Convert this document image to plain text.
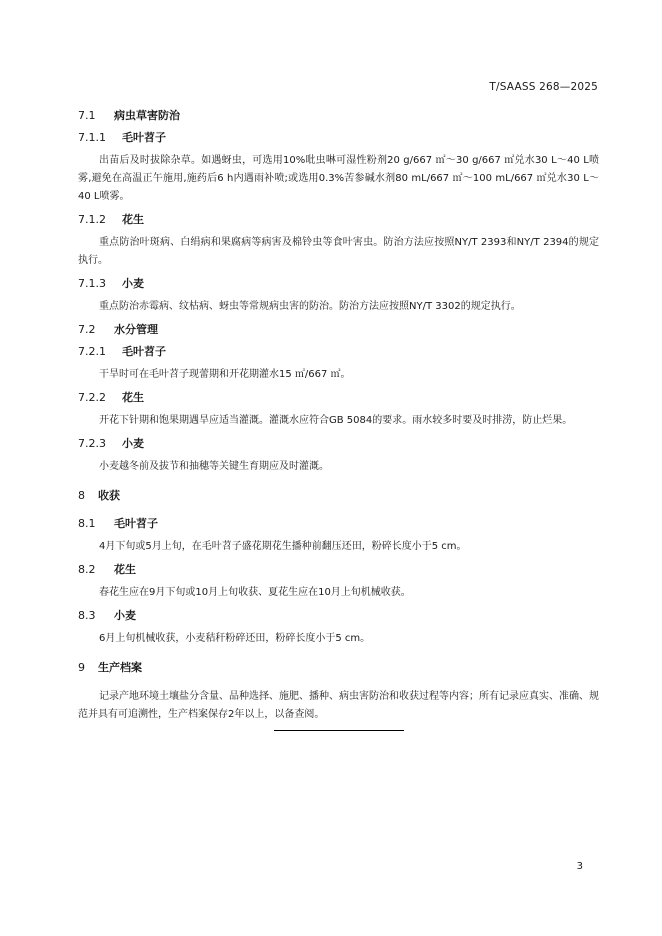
T/SAASS 268—2025
7.1 病虫草害防治
7.1.1 毛叶苕子

出苗后及时拔除杂草。如遇蚜虫，可选用10%吡虫啉可湿性粉剂20 g/667 ㎡～30 g/667 ㎡兑水30 L～40 L喷雾,避免在高温正午施用,施药后6 h内遇雨补喷;或选用0.3%苦参碱水剂80 mL/667 ㎡～100 mL/667 ㎡兑水30 L～40 L喷雾。

7.1.2 花生

重点防治叶斑病、白绢病和果腐病等病害及棉铃虫等食叶害虫。防治方法应按照NY/T 2393和NY/T 2394的规定执行。

7.1.3 小麦

重点防治赤霉病、纹枯病、蚜虫等常规病虫害的防治。防治方法应按照NY/T 3302的规定执行。

7.2 水分管理
7.2.1 毛叶苕子

干旱时可在毛叶苕子现蕾期和开花期灌水15 ㎥/667 ㎡。

7.2.2 花生

开花下针期和饱果期遇旱应适当灌溉。灌溉水应符合GB 5084的要求。雨水较多时要及时排涝，防止烂果。

7.2.3 小麦

小麦越冬前及拔节和抽穗等关键生育期应及时灌溉。

8 收获
8.1 毛叶苕子

4月下旬或5月上旬，在毛叶苕子盛花期花生播种前翻压还田，粉碎长度小于5 cm。

8.2 花生

春花生应在9月下旬或10月上旬收获、夏花生应在10月上旬机械收获。

8.3 小麦

6月上旬机械收获，小麦秸秆粉碎还田，粉碎长度小于5 cm。

9 生产档案

记录产地环境土壤盐分含量、品种选择、施肥、播种、病虫害防治和收获过程等内容；所有记录应真实、准确、规范并具有可追溯性，生产档案保存2年以上，以备查阅。

3
